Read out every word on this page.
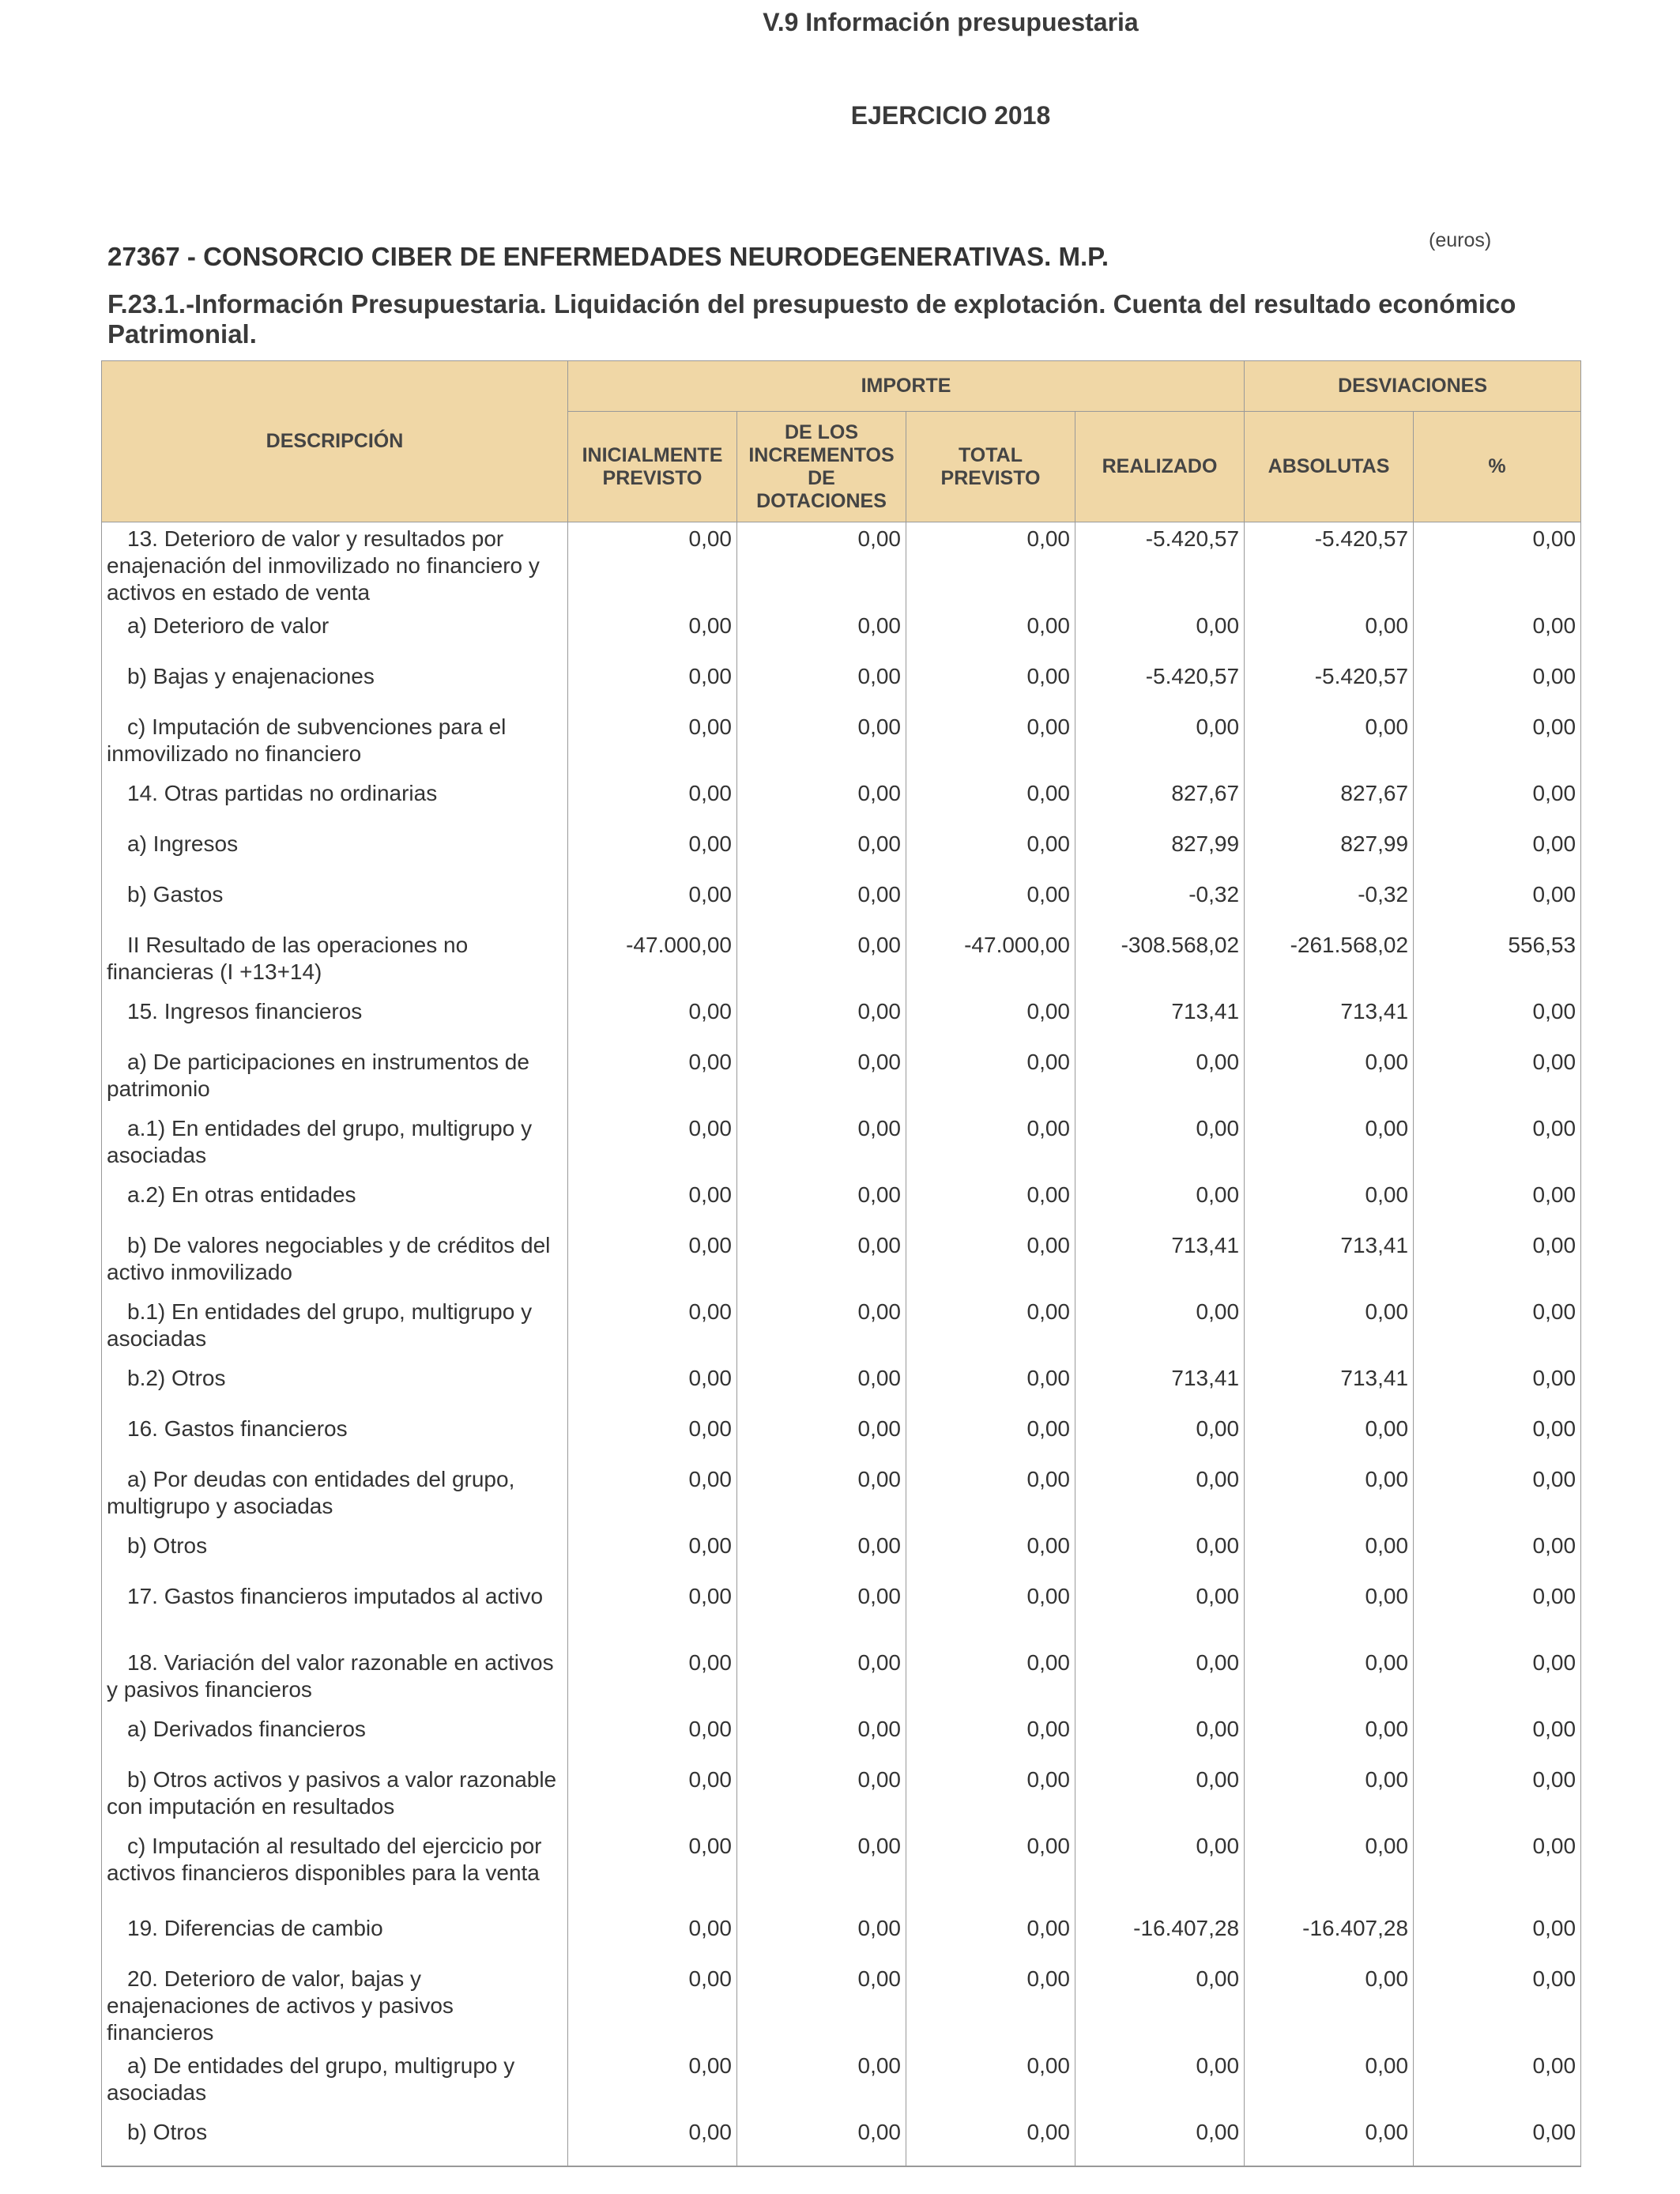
V.9 Información presupuestaria
EJERCICIO 2018
(euros)
27367 - CONSORCIO CIBER DE ENFERMEDADES NEURODEGENERATIVAS. M.P.
F.23.1.-Información Presupuestaria. Liquidación del presupuesto de explotación. Cuenta del resultado económico Patrimonial.
DESCRIPCIÓN	IMPORTE				DESVIACIONES	
	INICIALMENTE PREVISTO	DE LOS INCREMENTOS DE DOTACIONES	TOTAL PREVISTO	REALIZADO	ABSOLUTAS	%
13. Deterioro de valor y resultados por enajenación del inmovilizado no financiero y activos en estado de venta	0,00	0,00	0,00	-5.420,57	-5.420,57	0,00
a) Deterioro de valor	0,00	0,00	0,00	0,00	0,00	0,00
b) Bajas y enajenaciones	0,00	0,00	0,00	-5.420,57	-5.420,57	0,00
c) Imputación de subvenciones para el inmovilizado no financiero	0,00	0,00	0,00	0,00	0,00	0,00
14. Otras partidas no ordinarias	0,00	0,00	0,00	827,67	827,67	0,00
a) Ingresos	0,00	0,00	0,00	827,99	827,99	0,00
b) Gastos	0,00	0,00	0,00	-0,32	-0,32	0,00
II Resultado de las operaciones no financieras (I +13+14)	-47.000,00	0,00	-47.000,00	-308.568,02	-261.568,02	556,53
15. Ingresos financieros	0,00	0,00	0,00	713,41	713,41	0,00
a) De participaciones en instrumentos de patrimonio	0,00	0,00	0,00	0,00	0,00	0,00
a.1) En entidades del grupo, multigrupo y asociadas	0,00	0,00	0,00	0,00	0,00	0,00
a.2) En otras entidades	0,00	0,00	0,00	0,00	0,00	0,00
b) De valores negociables y de créditos del activo inmovilizado	0,00	0,00	0,00	713,41	713,41	0,00
b.1) En entidades del grupo, multigrupo y asociadas	0,00	0,00	0,00	0,00	0,00	0,00
b.2) Otros	0,00	0,00	0,00	713,41	713,41	0,00
16. Gastos financieros	0,00	0,00	0,00	0,00	0,00	0,00
a) Por deudas con entidades del grupo, multigrupo y asociadas	0,00	0,00	0,00	0,00	0,00	0,00
b) Otros	0,00	0,00	0,00	0,00	0,00	0,00
17. Gastos financieros imputados al activo	0,00	0,00	0,00	0,00	0,00	0,00
18. Variación del valor razonable en activos y pasivos financieros	0,00	0,00	0,00	0,00	0,00	0,00
a) Derivados financieros	0,00	0,00	0,00	0,00	0,00	0,00
b) Otros activos y pasivos a valor razonable con imputación en resultados	0,00	0,00	0,00	0,00	0,00	0,00
c) Imputación al resultado del ejercicio por activos financieros disponibles para la venta	0,00	0,00	0,00	0,00	0,00	0,00
19. Diferencias de cambio	0,00	0,00	0,00	-16.407,28	-16.407,28	0,00
20. Deterioro de valor, bajas y enajenaciones de activos y pasivos financieros	0,00	0,00	0,00	0,00	0,00	0,00
a) De entidades del grupo, multigrupo y asociadas	0,00	0,00	0,00	0,00	0,00	0,00
b) Otros	0,00	0,00	0,00	0,00	0,00	0,00
